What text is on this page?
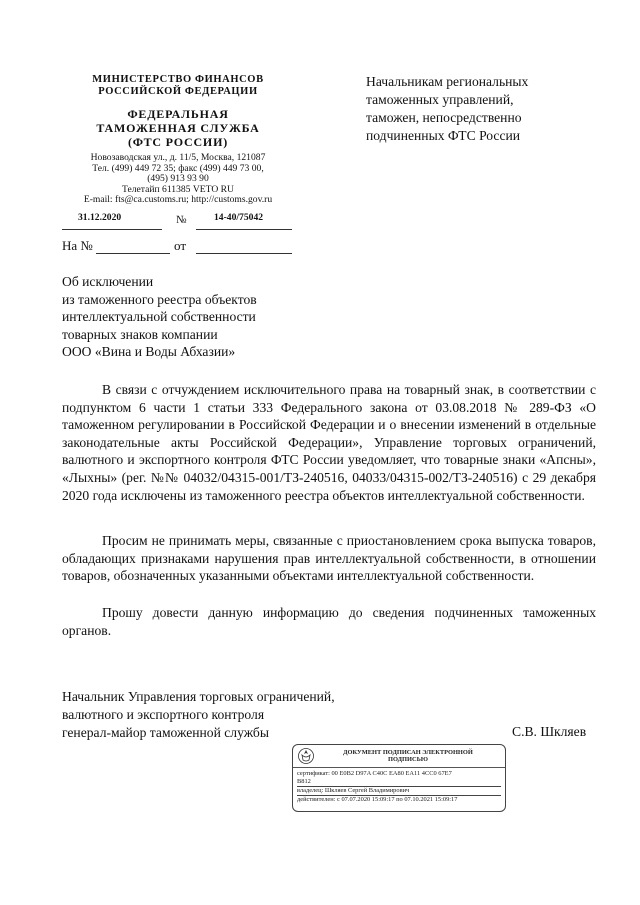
МИНИСТЕРСТВО ФИНАНСОВ
РОССИЙСКОЙ ФЕДЕРАЦИИ
ФЕДЕРАЛЬНАЯ
ТАМОЖЕННАЯ СЛУЖБА
(ФТС РОССИИ)
Новозаводская ул., д. 11/5, Москва, 121087
Тел. (499) 449 72 35; факс (499) 449 73 00,
(495) 913 93 90
Телетайп 611385 VETO RU
E-mail: fts@ca.customs.ru; http://customs.gov.ru
31.12.2020	№	14-40/75042
На №	от
Начальникам региональных
таможенных управлений,
таможен, непосредственно
подчиненных ФТС России
Об исключении
из таможенного реестра объектов
интеллектуальной собственности
товарных знаков компании
ООО «Вина и Воды Абхазии»
В связи с отчуждением исключительного права на товарный знак, в соответствии с подпунктом 6 части 1 статьи 333 Федерального закона от 03.08.2018 № 289-ФЗ «О таможенном регулировании в Российской Федерации и о внесении изменений в отдельные законодательные акты Российской Федерации», Управление торговых ограничений, валютного и экспортного контроля ФТС России уведомляет, что товарные знаки «Апсны», «Лыхны» (рег. №№ 04032/04315-001/ТЗ-240516, 04033/04315-002/ТЗ-240516) с 29 декабря 2020 года исключены из таможенного реестра объектов интеллектуальной собственности.
Просим не принимать меры, связанные с приостановлением срока выпуска товаров, обладающих признаками нарушения прав интеллектуальной собственности, в отношении товаров, обозначенных указанными объектами интеллектуальной собственности.
Прошу довести данную информацию до сведения подчиненных таможенных органов.
Начальник Управления торговых ограничений,
валютного и экспортного контроля
генерал-майор таможенной службы	С.В. Шкляев
ДОКУМЕНТ ПОДПИСАН ЭЛЕКТРОННОЙ
ПОДПИСЬЮ
сертификат: 00 E0B2 D97A C40C EA80 EA11 4CC0 67E7
B812
владелец: Шкляев Сергей Владимирович
действителен: с 07.07.2020 15:09:17 по 07.10.2021 15:09:17
